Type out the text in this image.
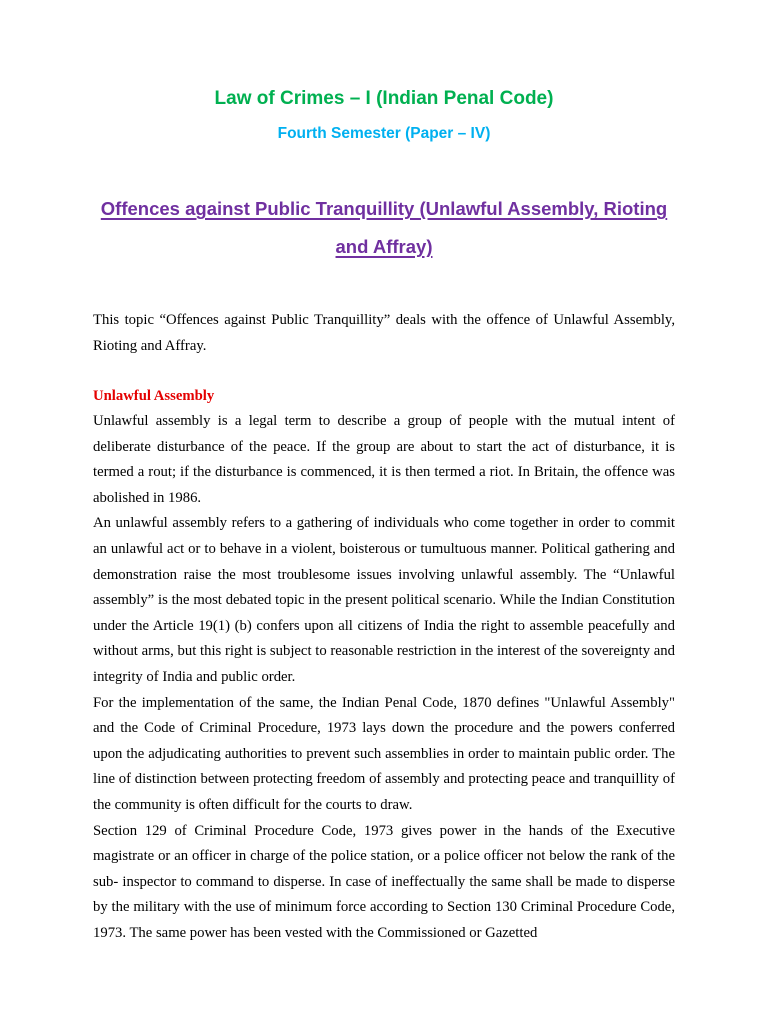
Law of Crimes – I (Indian Penal Code)
Fourth Semester (Paper – IV)
Offences against Public Tranquillity (Unlawful Assembly, Rioting and Affray)

This topic “Offences against Public Tranquillity” deals with the offence of Unlawful Assembly, Rioting and Affray.

Unlawful Assembly

Unlawful assembly is a legal term to describe a group of people with the mutual intent of deliberate disturbance of the peace. If the group are about to start the act of disturbance, it is termed a rout; if the disturbance is commenced, it is then termed a riot. In Britain, the offence was abolished in 1986.

An unlawful assembly refers to a gathering of individuals who come together in order to commit an unlawful act or to behave in a violent, boisterous or tumultuous manner. Political gathering and demonstration raise the most troublesome issues involving unlawful assembly. The “Unlawful assembly” is the most debated topic in the present political scenario. While the Indian Constitution under the Article 19(1) (b) confers upon all citizens of India the right to assemble peacefully and without arms, but this right is subject to reasonable restriction in the interest of the sovereignty and integrity of India and public order.

For the implementation of the same, the Indian Penal Code, 1870 defines "Unlawful Assembly" and the Code of Criminal Procedure, 1973 lays down the procedure and the powers conferred upon the adjudicating authorities to prevent such assemblies in order to maintain public order. The line of distinction between protecting freedom of assembly and protecting peace and tranquillity of the community is often difficult for the courts to draw.

Section 129 of Criminal Procedure Code, 1973 gives power in the hands of the Executive magistrate or an officer in charge of the police station, or a police officer not below the rank of the sub- inspector to command to disperse. In case of ineffectually the same shall be made to disperse by the military with the use of minimum force according to Section 130 Criminal Procedure Code, 1973. The same power has been vested with the Commissioned or Gazetted
